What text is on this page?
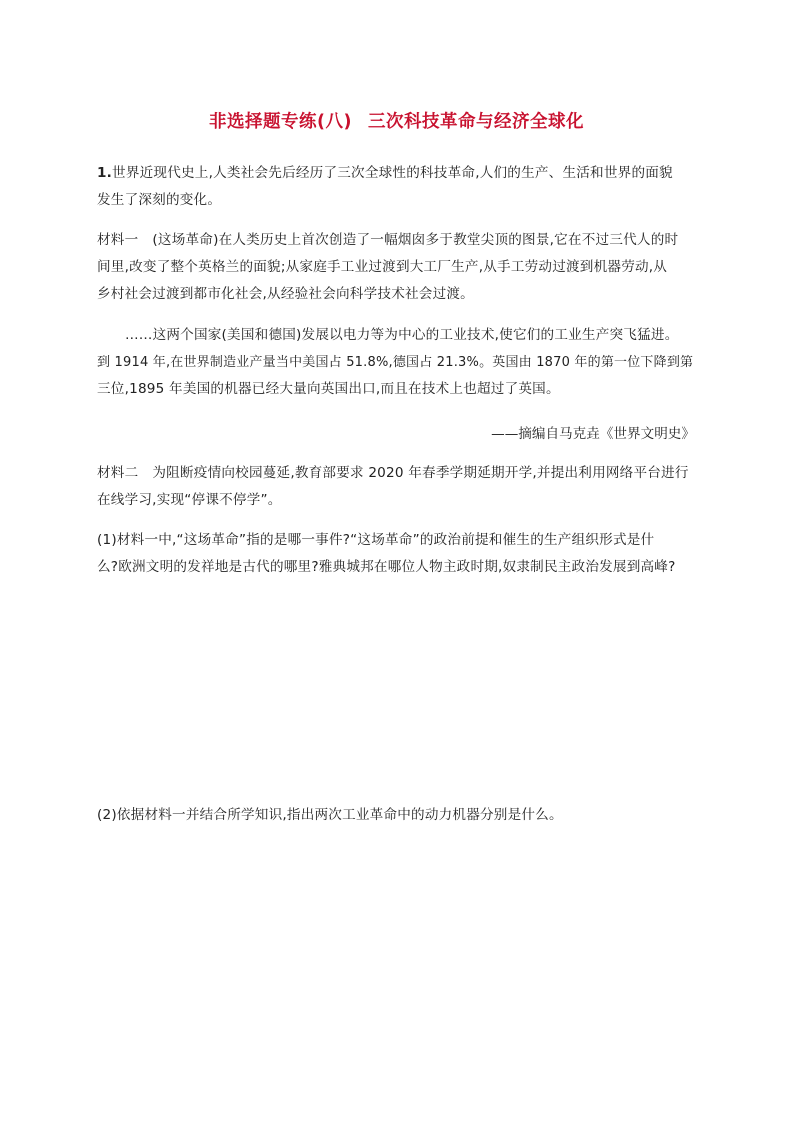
非选择题专练(八) 三次科技革命与经济全球化
1.世界近现代史上,人类社会先后经历了三次全球性的科技革命,人们的生产、生活和世界的面貌
发生了深刻的变化。
材料一 (这场革命)在人类历史上首次创造了一幅烟囱多于教堂尖顶的图景,它在不过三代人的时
间里,改变了整个英格兰的面貌;从家庭手工业过渡到大工厂生产,从手工劳动过渡到机器劳动,从
乡村社会过渡到都市化社会,从经验社会向科学技术社会过渡。
……这两个国家(美国和德国)发展以电力等为中心的工业技术,使它们的工业生产突飞猛进。
到 1914 年,在世界制造业产量当中美国占 51.8%,德国占 21.3%。英国由 1870 年的第一位下降到第
三位,1895 年美国的机器已经大量向英国出口,而且在技术上也超过了英国。
——摘编自马克垚《世界文明史》
材料二 为阻断疫情向校园蔓延,教育部要求 2020 年春季学期延期开学,并提出利用网络平台进行
在线学习,实现“停课不停学”。
(1)材料一中,“这场革命”指的是哪一事件?“这场革命”的政治前提和催生的生产组织形式是什
么?欧洲文明的发祥地是古代的哪里?雅典城邦在哪位人物主政时期,奴隶制民主政治发展到高峰?
(2)依据材料一并结合所学知识,指出两次工业革命中的动力机器分别是什么。
